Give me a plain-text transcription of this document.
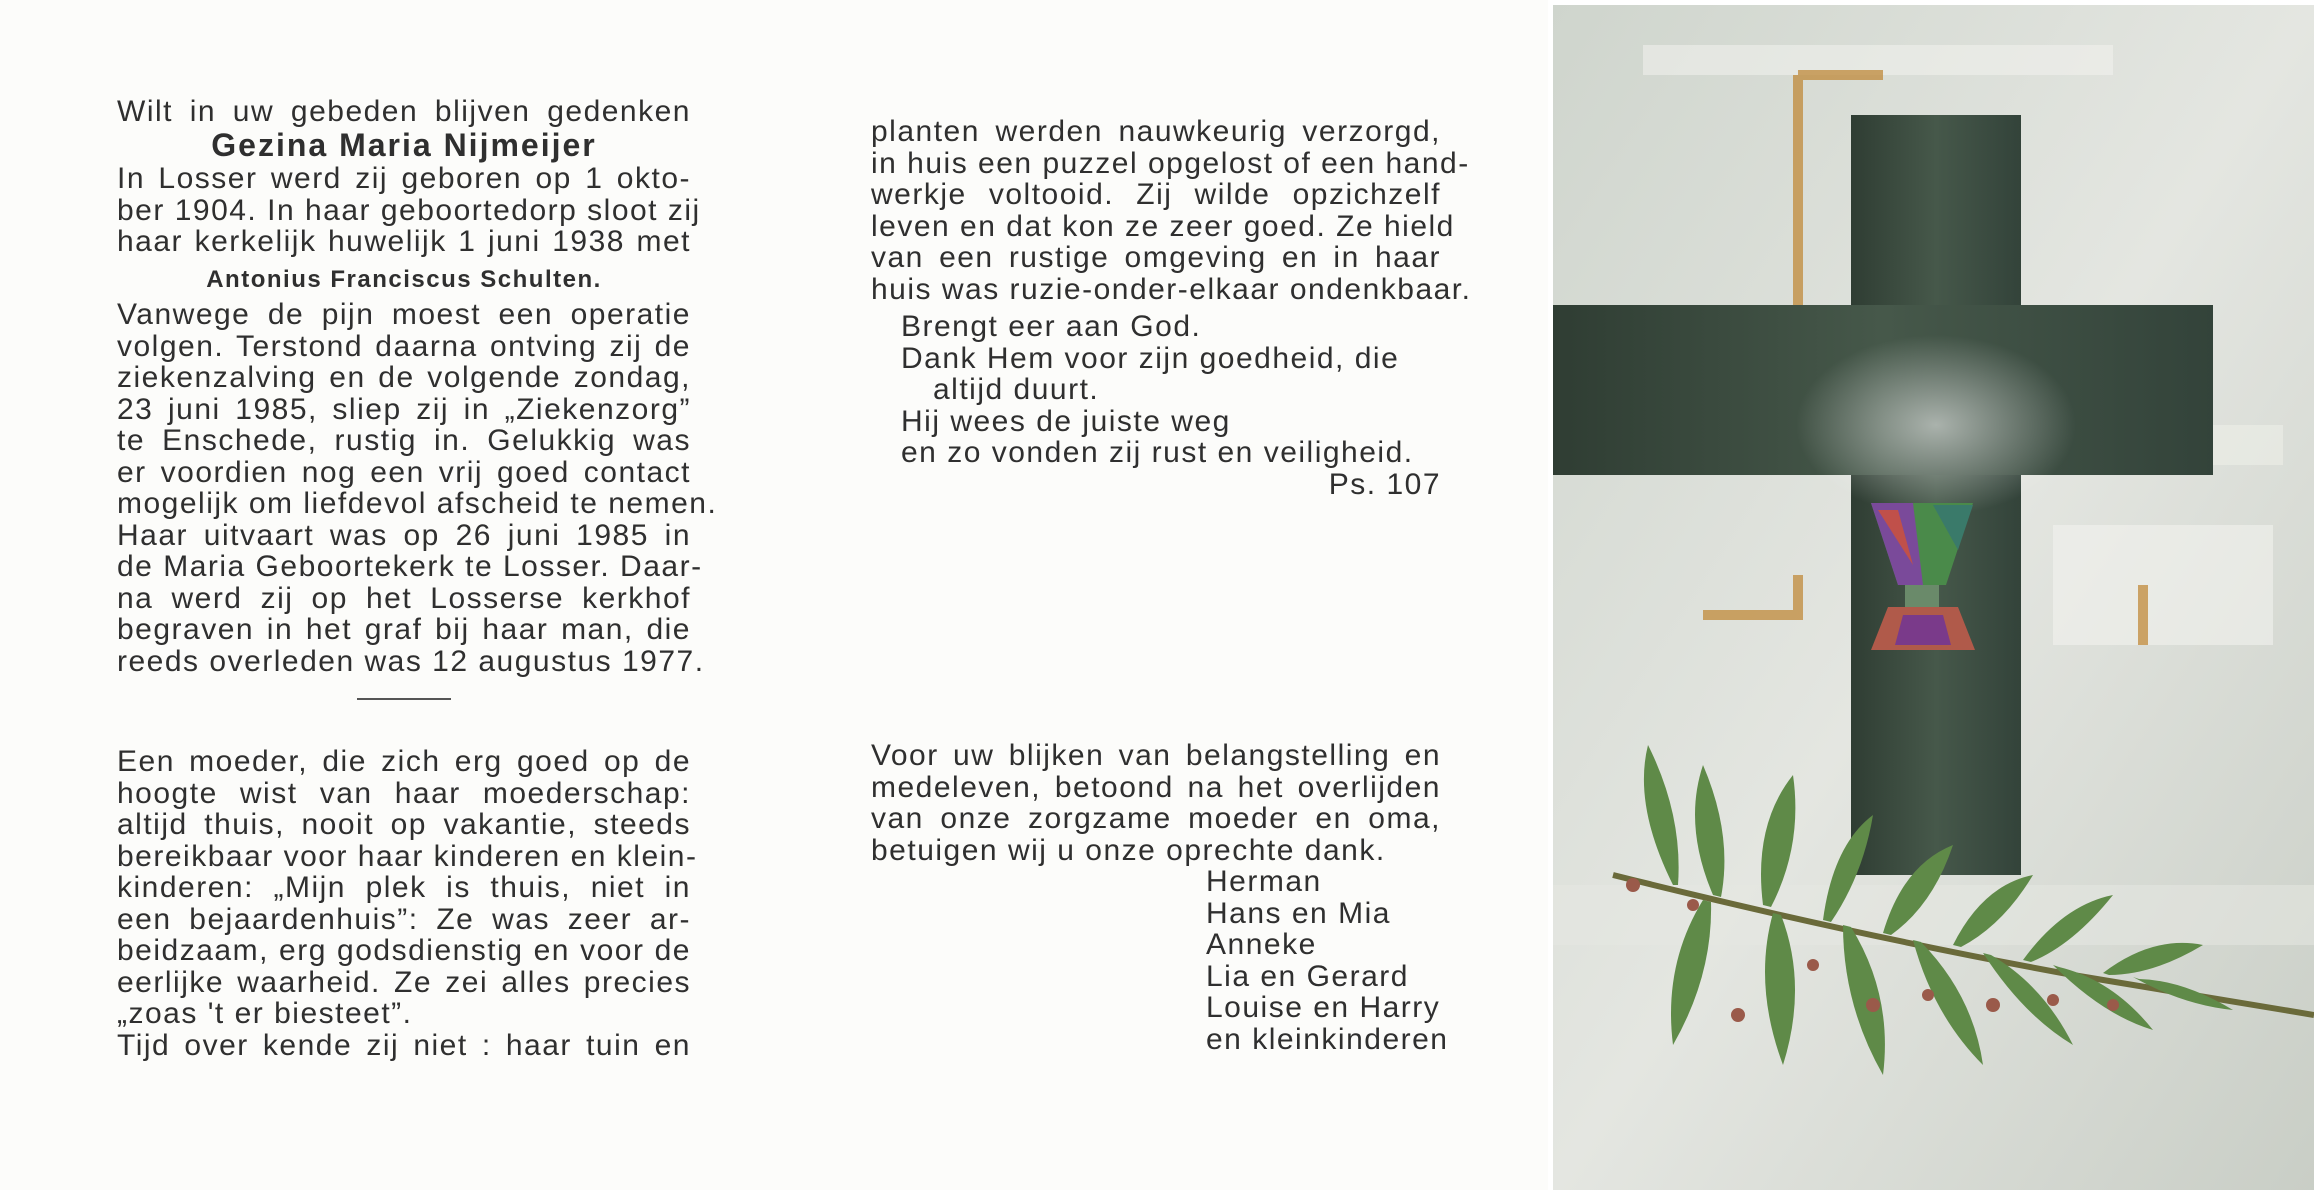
Wilt in uw gebeden blijven gedenken

Gezina Maria Nijmeijer

In Losser werd zij geboren op 1 okto-

ber 1904. In haar geboortedorp sloot zij

haar kerkelijk huwelijk 1 juni 1938 met

Antonius Franciscus Schulten.

Vanwege de pijn moest een operatie

volgen. Terstond daarna ontving zij de

ziekenzalving en de volgende zondag,

23 juni 1985, sliep zij in „Ziekenzorg”

te Enschede, rustig in. Gelukkig was

er voordien nog een vrij goed contact

mogelijk om liefdevol afscheid te nemen.

Haar uitvaart was op 26 juni 1985 in

de Maria Geboortekerk te Losser. Daar-

na werd zij op het Losserse kerkhof

begraven in het graf bij haar man, die

reeds overleden was 12 augustus 1977.

Een moeder, die zich erg goed op de

hoogte wist van haar moederschap:

altijd thuis, nooit op vakantie, steeds

bereikbaar voor haar kinderen en klein-

kinderen: „Mijn plek is thuis, niet in

een bejaardenhuis”: Ze was zeer ar-

beidzaam, erg godsdienstig en voor de

eerlijke waarheid. Ze zei alles precies

„zoas 't er biesteet”.

Tijd over kende zij niet : haar tuin en

planten werden nauwkeurig verzorgd,

in huis een puzzel opgelost of een hand-

werkje voltooid. Zij wilde opzichzelf

leven en dat kon ze zeer goed. Ze hield

van een rustige omgeving en in haar

huis was ruzie-onder-elkaar ondenkbaar.

Brengt eer aan God.

Dank Hem voor zijn goedheid, die

altijd duurt.

Hij wees de juiste weg

en zo vonden zij rust en veiligheid.

Ps. 107

Voor uw blijken van belangstelling en

medeleven, betoond na het overlijden

van onze zorgzame moeder en oma,

betuigen wij u onze oprechte dank.

Herman

Hans en Mia

Anneke

Lia en Gerard

Louise en Harry

en kleinkinderen
